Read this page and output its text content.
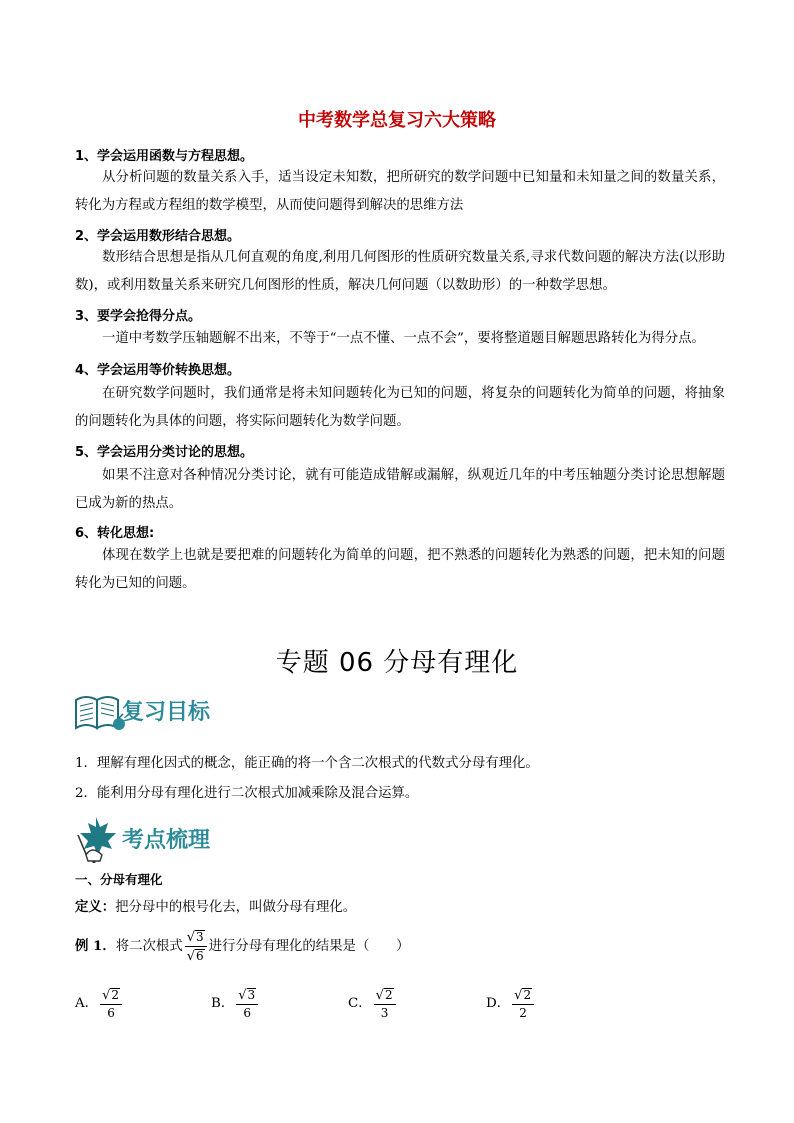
中考数学总复习六大策略
1、学会运用函数与方程思想。
从分析问题的数量关系入手，适当设定未知数，把所研究的数学问题中已知量和未知量之间的数量关系，转化为方程或方程组的数学模型，从而使问题得到解决的思维方法
2、学会运用数形结合思想。
数形结合思想是指从几何直观的角度,利用几何图形的性质研究数量关系,寻求代数问题的解决方法(以形助数)，或利用数量关系来研究几何图形的性质，解决几何问题（以数助形）的一种数学思想。
3、要学会抢得分点。
一道中考数学压轴题解不出来，不等于“一点不懂、一点不会”，要将整道题目解题思路转化为得分点。
4、学会运用等价转换思想。
在研究数学问题时，我们通常是将未知问题转化为已知的问题，将复杂的问题转化为简单的问题，将抽象的问题转化为具体的问题，将实际问题转化为数学问题。
5、学会运用分类讨论的思想。
如果不注意对各种情况分类讨论，就有可能造成错解或漏解，纵观近几年的中考压轴题分类讨论思想解题已成为新的热点。
6、转化思想:
体现在数学上也就是要把难的问题转化为简单的问题，把不熟悉的问题转化为熟悉的问题，把未知的问题转化为已知的问题。
专题 06 分母有理化
复习目标
1．理解有理化因式的概念，能正确的将一个含二次根式的代数式分母有理化。
2．能利用分母有理化进行二次根式加减乘除及混合运算。
考点梳理
一、分母有理化
定义：把分母中的根号化去，叫做分母有理化。
例 1．将二次根式 $\frac{√ 3}{√ 6}$ 进行分母有理化的结果是（　　）
A． $\frac{√ 2}{6}$	B． $\frac{√ 3}{6}$	C． $\frac{√ 2}{3}$	D． $\frac{√ 2}{2}$
